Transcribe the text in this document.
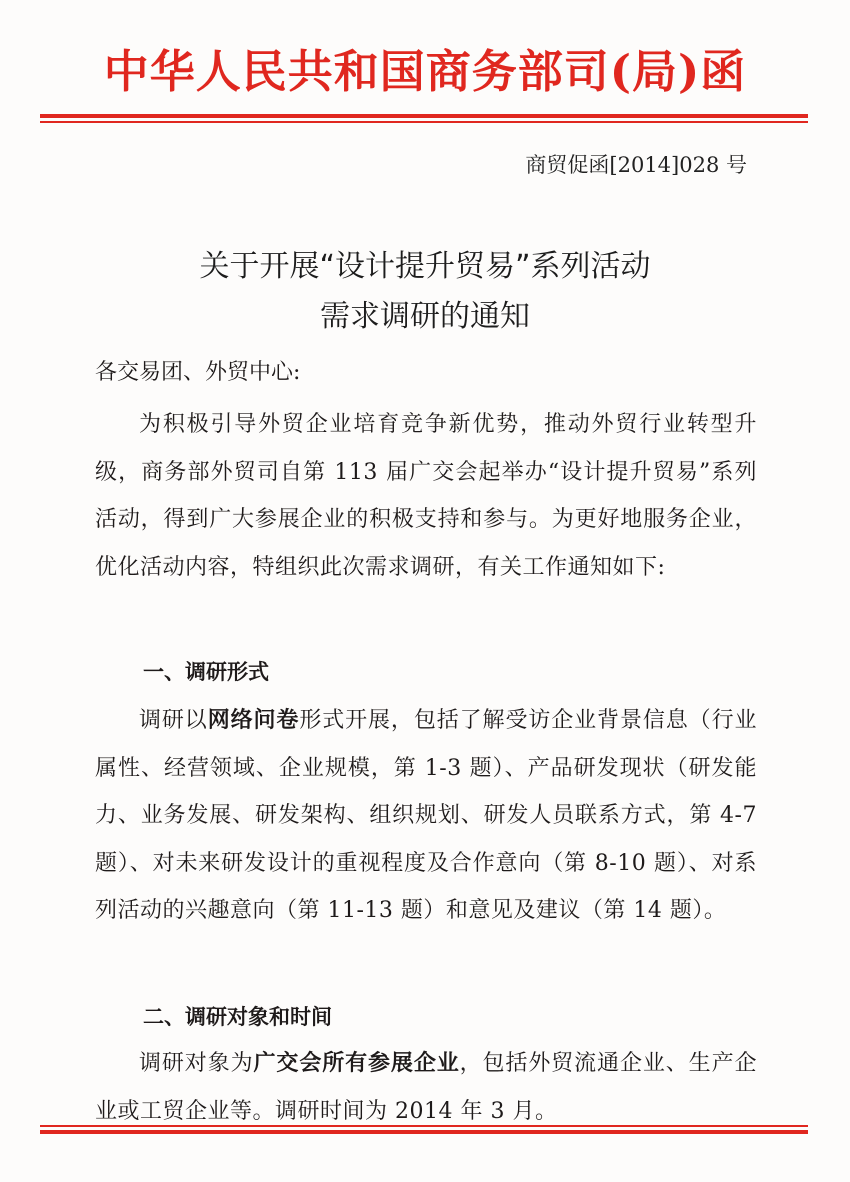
中华人民共和国商务部司(局)函
商贸促函[2014]028 号
关于开展“设计提升贸易”系列活动
需求调研的通知
各交易团、外贸中心:
为积极引导外贸企业培育竞争新优势，推动外贸行业转型升级，商务部外贸司自第 113 届广交会起举办“设计提升贸易”系列活动，得到广大参展企业的积极支持和参与。为更好地服务企业，优化活动内容，特组织此次需求调研，有关工作通知如下:
一、调研形式
调研以网络问卷形式开展，包括了解受访企业背景信息（行业属性、经营领域、企业规模，第 1-3 题）、产品研发现状（研发能力、业务发展、研发架构、组织规划、研发人员联系方式，第 4-7 题）、对未来研发设计的重视程度及合作意向（第 8-10 题）、对系列活动的兴趣意向（第 11-13 题）和意见及建议（第 14 题）。
二、调研对象和时间
调研对象为广交会所有参展企业，包括外贸流通企业、生产企业或工贸企业等。调研时间为 2014 年 3 月。
